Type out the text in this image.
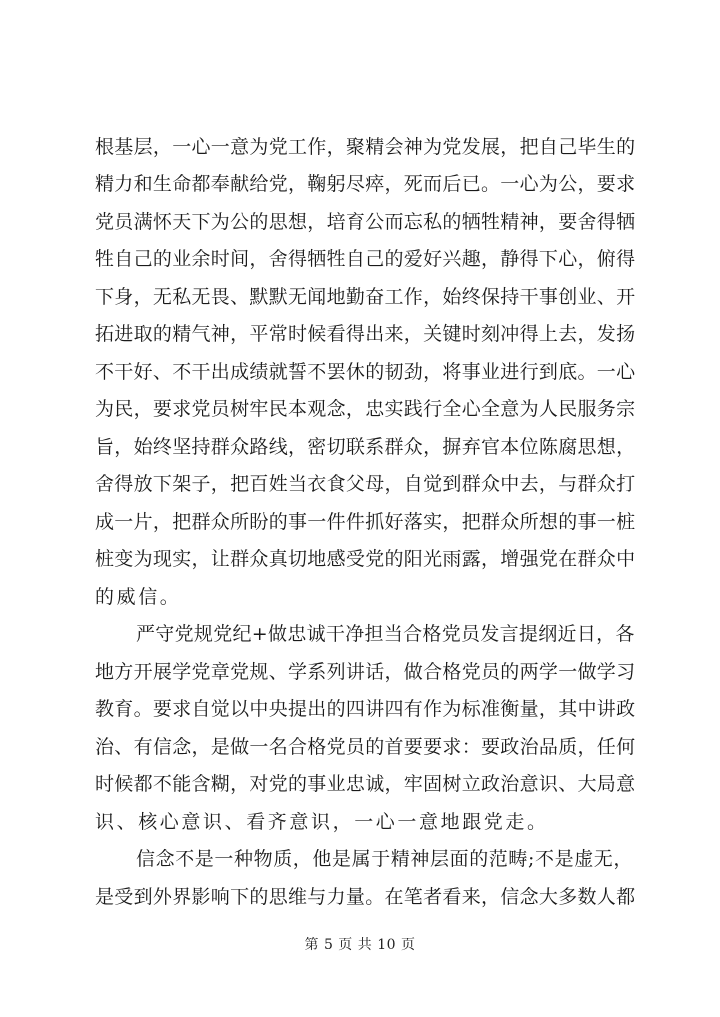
根基层，一心一意为党工作，聚精会神为党发展，把自己毕生的
精力和生命都奉献给党，鞠躬尽瘁，死而后已。一心为公，要求
党员满怀天下为公的思想，培育公而忘私的牺牲精神，要舍得牺
牲自己的业余时间，舍得牺牲自己的爱好兴趣，静得下心，俯得
下身，无私无畏、默默无闻地勤奋工作，始终保持干事创业、开
拓进取的精气神，平常时候看得出来，关键时刻冲得上去，发扬
不干好、不干出成绩就誓不罢休的韧劲，将事业进行到底。一心
为民，要求党员树牢民本观念，忠实践行全心全意为人民服务宗
旨，始终坚持群众路线，密切联系群众，摒弃官本位陈腐思想，
舍得放下架子，把百姓当衣食父母，自觉到群众中去，与群众打
成一片，把群众所盼的事一件件抓好落实，把群众所想的事一桩
桩变为现实，让群众真切地感受党的阳光雨露，增强党在群众中
的威信。
严守党规党纪+做忠诚干净担当合格党员发言提纲近日，各
地方开展学党章党规、学系列讲话，做合格党员的两学一做学习
教育。要求自觉以中央提出的四讲四有作为标准衡量，其中讲政
治、有信念，是做一名合格党员的首要要求：要政治品质，任何
时候都不能含糊，对党的事业忠诚，牢固树立政治意识、大局意
识、核心意识、看齐意识，一心一意地跟党走。
信念不是一种物质，他是属于精神层面的范畴;不是虚无，
是受到外界影响下的思维与力量。在笔者看来，信念大多数人都
第 5 页 共 10 页
